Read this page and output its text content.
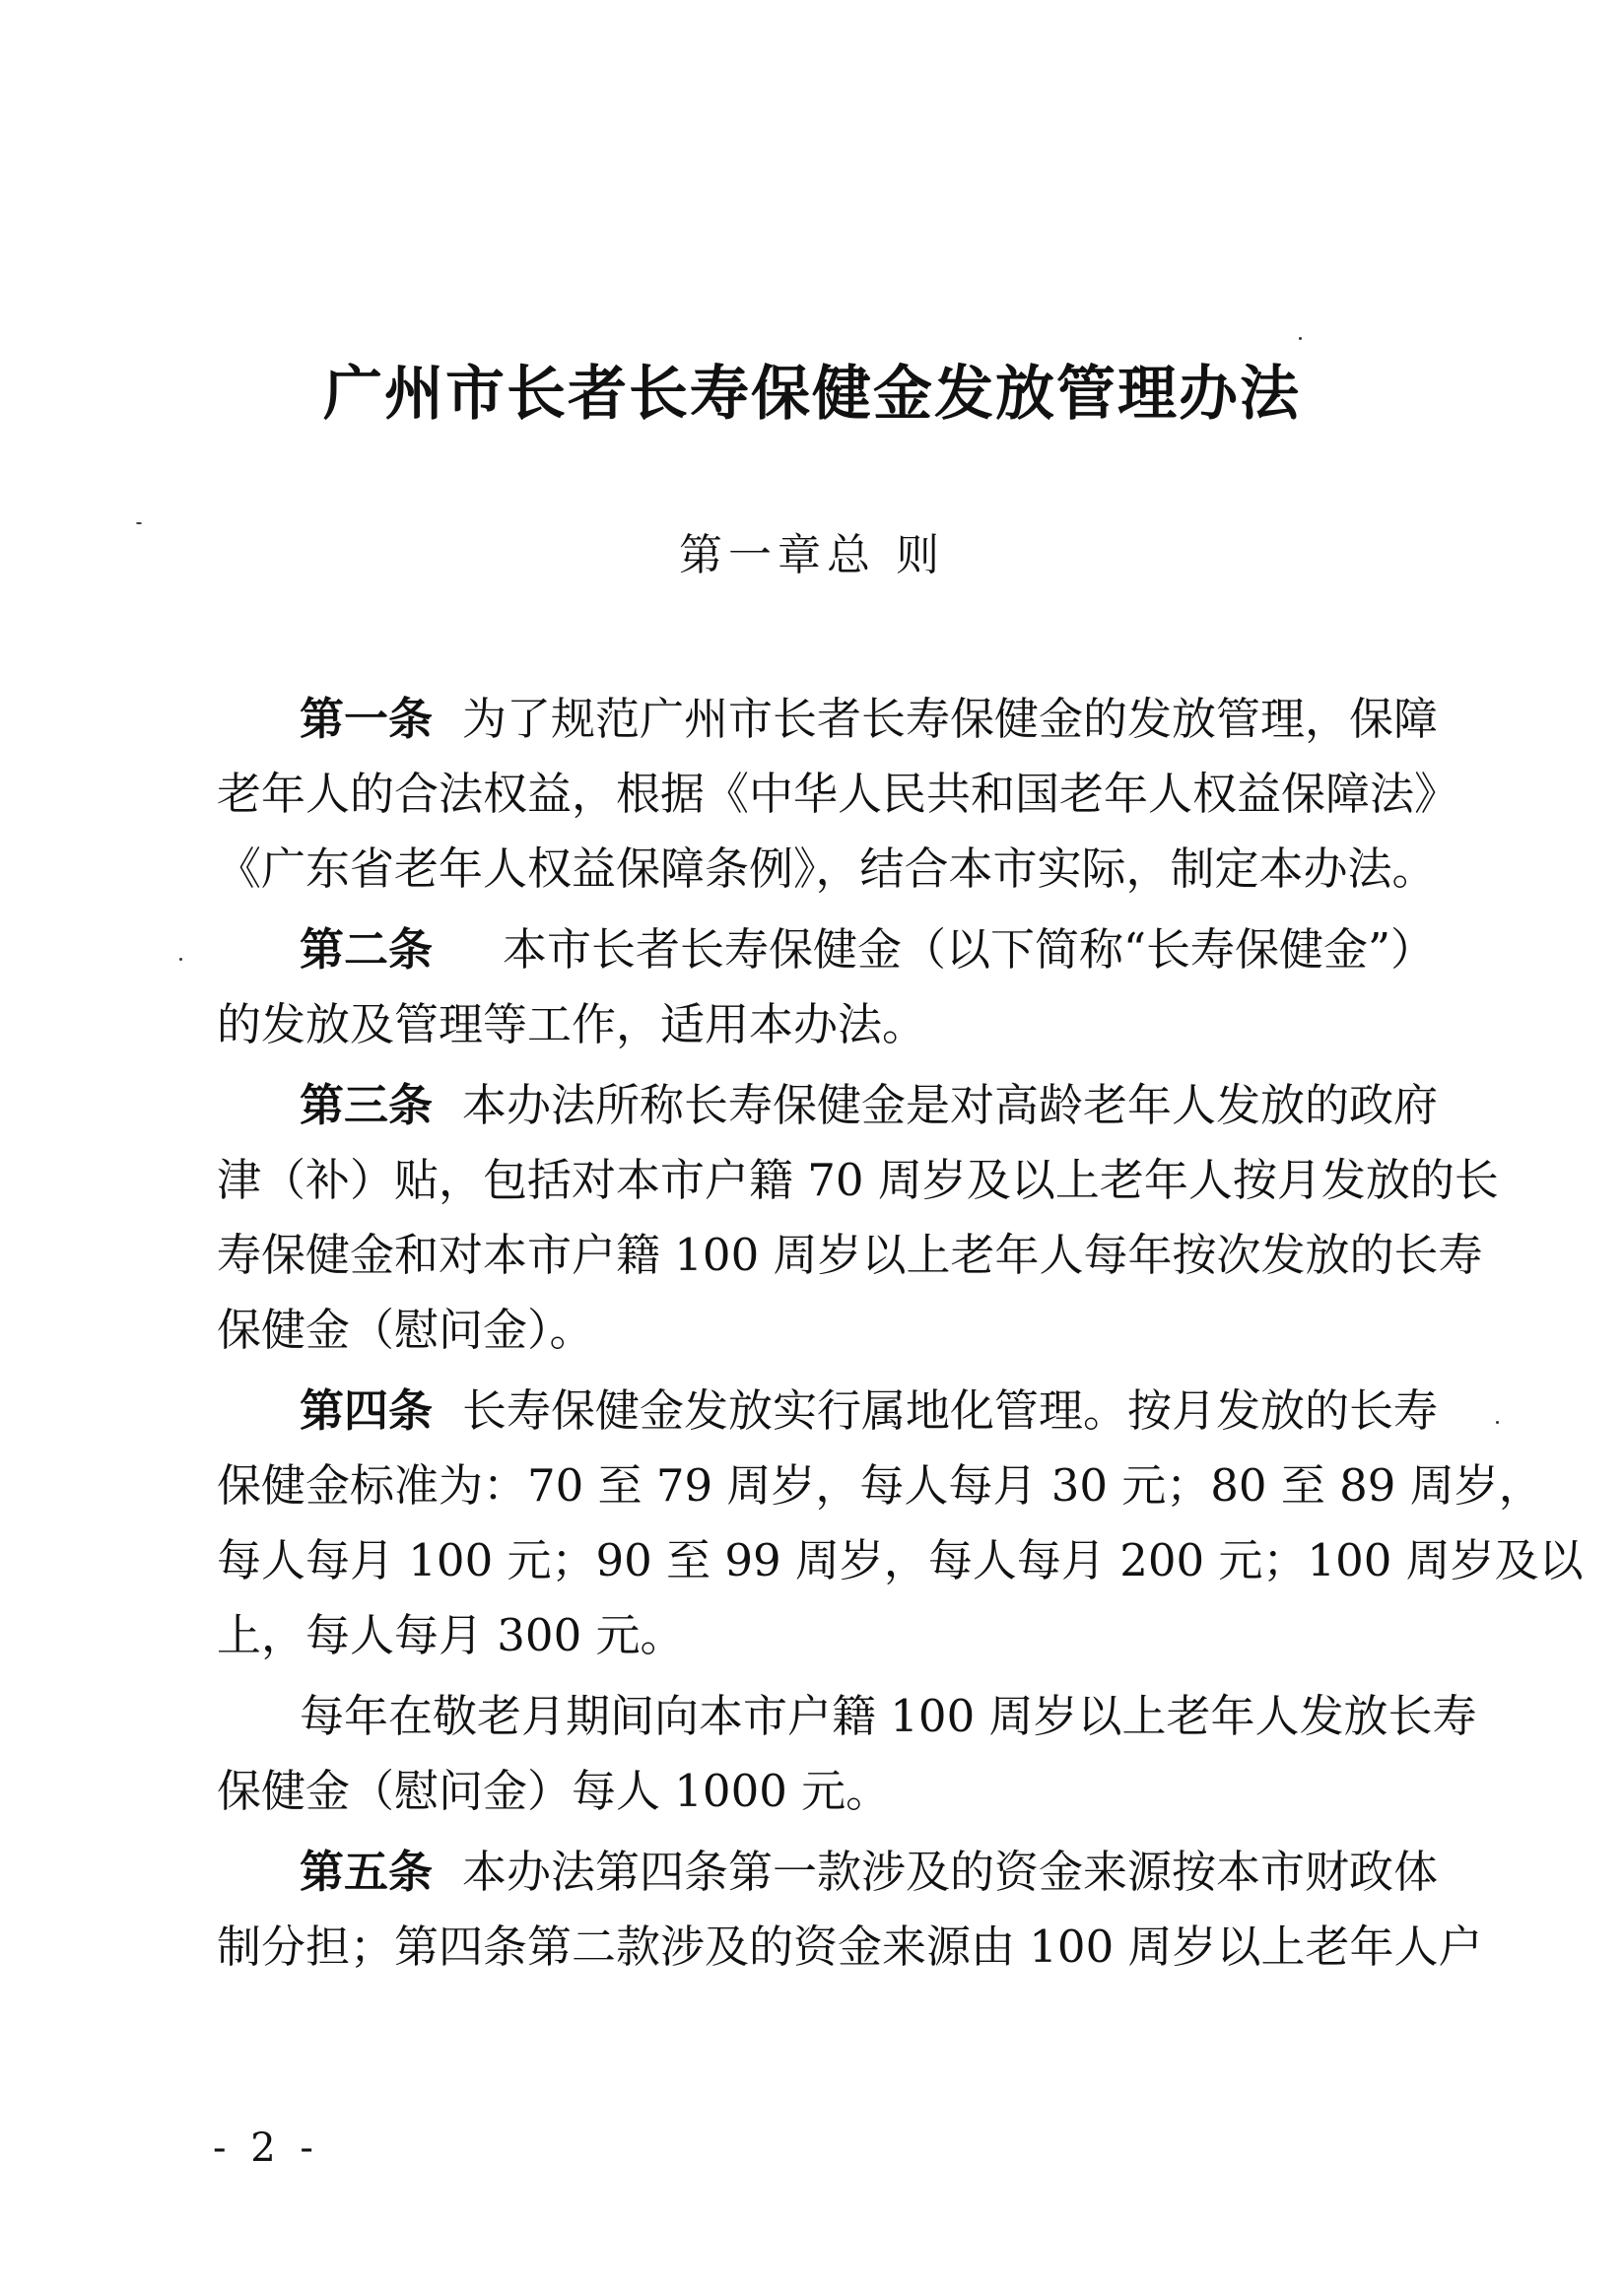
广州市长者长寿保健金发放管理办法
第一章总 则
第一条 为了规范广州市长者长寿保健金的发放管理，保障
老年人的合法权益，根据《中华人民共和国老年人权益保障法》
《广东省老年人权益保障条例》，结合本市实际，制定本办法。
第二条 本市长者长寿保健金（以下简称“长寿保健金”）
的发放及管理等工作，适用本办法。
第三条 本办法所称长寿保健金是对高龄老年人发放的政府
津（补）贴，包括对本市户籍 70 周岁及以上老年人按月发放的长
寿保健金和对本市户籍 100 周岁以上老年人每年按次发放的长寿
保健金（慰问金）。
第四条 长寿保健金发放实行属地化管理。按月发放的长寿
保健金标准为：70 至 79 周岁，每人每月 30 元；80 至 89 周岁，
每人每月 100 元；90 至 99 周岁，每人每月 200 元；100 周岁及以
上，每人每月 300 元。
每年在敬老月期间向本市户籍 100 周岁以上老年人发放长寿
保健金（慰问金）每人 1000 元。
第五条 本办法第四条第一款涉及的资金来源按本市财政体
制分担；第四条第二款涉及的资金来源由 100 周岁以上老年人户
- 2 -
